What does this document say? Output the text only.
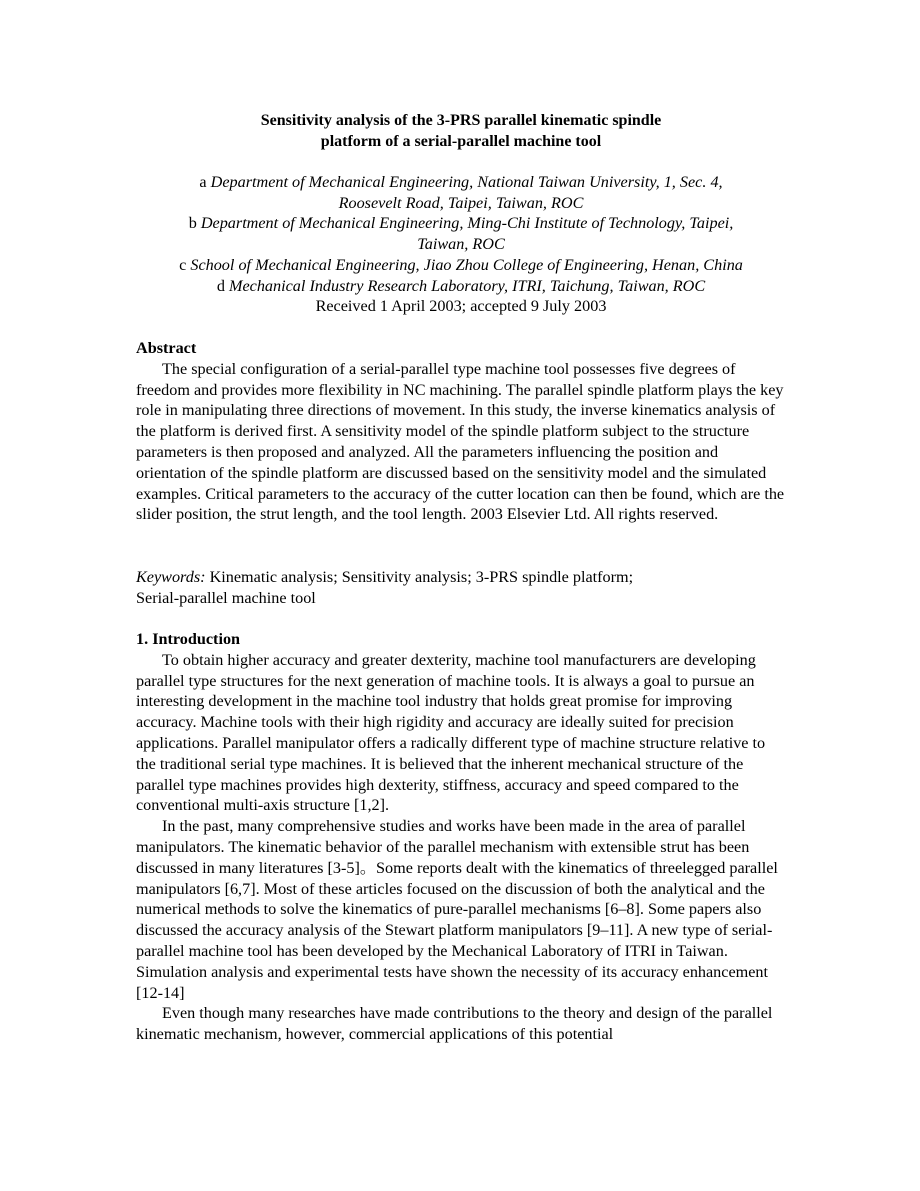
Sensitivity analysis of the 3-PRS parallel kinematic spindle
platform of a serial-parallel machine tool
a Department of Mechanical Engineering, National Taiwan University, 1, Sec. 4,
Roosevelt Road, Taipei, Taiwan, ROC
b Department of Mechanical Engineering, Ming-Chi Institute of Technology, Taipei,
Taiwan, ROC
c School of Mechanical Engineering, Jiao Zhou College of Engineering, Henan, China
d Mechanical Industry Research Laboratory, ITRI, Taichung, Taiwan, ROC
Received 1 April 2003; accepted 9 July 2003
Abstract

The special configuration of a serial-parallel type machine tool possesses five degrees of freedom and provides more flexibility in NC machining. The parallel spindle platform plays the key role in manipulating three directions of movement. In this study, the inverse kinematics analysis of the platform is derived first. A sensitivity model of the spindle platform subject to the structure parameters is then proposed and analyzed. All the parameters influencing the position and orientation of the spindle platform are discussed based on the sensitivity model and the simulated examples. Critical parameters to the accuracy of the cutter location can then be found, which are the slider position, the strut length, and the tool length. 2003 Elsevier Ltd. All rights reserved.

Keywords: Kinematic analysis; Sensitivity analysis; 3-PRS spindle platform;
Serial-parallel machine tool
1. Introduction

To obtain higher accuracy and greater dexterity, machine tool manufacturers are developing parallel type structures for the next generation of machine tools. It is always a goal to pursue an interesting development in the machine tool industry that holds great promise for improving accuracy. Machine tools with their high rigidity and accuracy are ideally suited for precision applications. Parallel manipulator offers a radically different type of machine structure relative to the traditional serial type machines. It is believed that the inherent mechanical structure of the parallel type machines provides high dexterity, stiffness, accuracy and speed compared to the conventional multi-axis structure [1,2].

In the past, many comprehensive studies and works have been made in the area of parallel manipulators. The kinematic behavior of the parallel mechanism with extensible strut has been discussed in many literatures [3-5]。Some reports dealt with the kinematics of threelegged parallel manipulators [6,7]. Most of these articles focused on the discussion of both the analytical and the numerical methods to solve the kinematics of pure-parallel mechanisms [6–8]. Some papers also discussed the accuracy analysis of the Stewart platform manipulators [9–11]. A new type of serial-parallel machine tool has been developed by the Mechanical Laboratory of ITRI in Taiwan. Simulation analysis and experimental tests have shown the necessity of its accuracy enhancement [12-14]

Even though many researches have made contributions to the theory and design of the parallel kinematic mechanism, however, commercial applications of this potential
